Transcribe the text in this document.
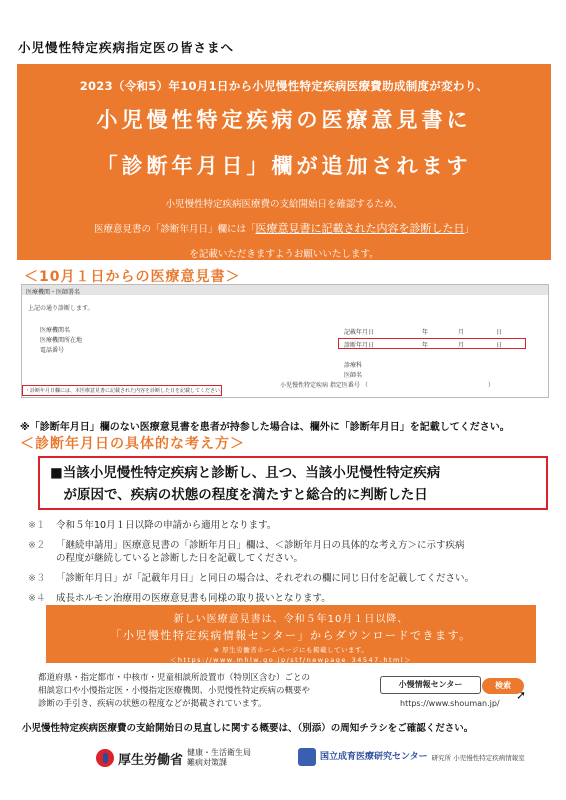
小児慢性特定疾病指定医の皆さまへ
2023（令和5）年10月1日から小児慢性特定疾病医療費助成制度が変わり、
小児慢性特定疾病の医療意見書に
「診断年月日」欄が追加されます
小児慢性特定疾病医療費の支給開始日を確認するため、
医療意見書の「診断年月日」欄には「医療意見書に記載された内容を診断した日」
を記載いただきますようお願いいたします。
＜10月１日からの医療意見書＞
医療機関・医師署名
上記の通り診断します。
医療機関名
医療機関所在地
電話番号
記載年月日	年	月	日
診断年月日	年	月	日
診療科
医師名
小児慢性特定疾病 指定医番号 （	）
・診断年月日欄には、本医療意見書に記載された内容を診断した日を記載してください。
※「診断年月日」欄のない医療意見書を患者が持参した場合は、欄外に「診断年月日」を記載してください。
＜診断年月日の具体的な考え方＞
■当該小児慢性特定疾病と診断し、且つ、当該小児慢性特定疾病
　が原因で、疾病の状態の程度を満たすと総合的に判断した日
※１ 令和５年10月１日以降の申請から適用となります。
※２ 「継続申請用」医療意見書の「診断年月日」欄は、＜診断年月日の具体的な考え方＞に示す疾病
の程度が継続していると診断した日を記載してください。
※３ 「診断年月日」が「記載年月日」と同日の場合は、それぞれの欄に同じ日付を記載してください。
※４ 成長ホルモン治療用の医療意見書も同様の取り扱いとなります。
新しい医療意見書は、令和５年10月１日以降、
「小児慢性特定疾病情報センター」からダウンロードできます。
※ 厚生労働省ホームページにも掲載しています。
＜https://www.mhlw.go.jp/stf/newpage_34547.html＞
都道府県・指定都市・中核市・児童相談所設置市（特別区含む）ごとの
相談窓口や小慢指定医・小慢指定医療機関、小児慢性特定疾病の概要や
診断の手引き、疾病の状態の程度などが掲載されています。
小慢情報センター	検索
➚
https://www.shouman.jp/
小児慢性特定疾病医療費の支給開始日の見直しに関する概要は、（別添）の周知チラシをご確認ください。
厚生労働省 健康・生活衛生局
難病対策課
国立成育医療研究センター 研究所 小児慢性特定疾病情報室
